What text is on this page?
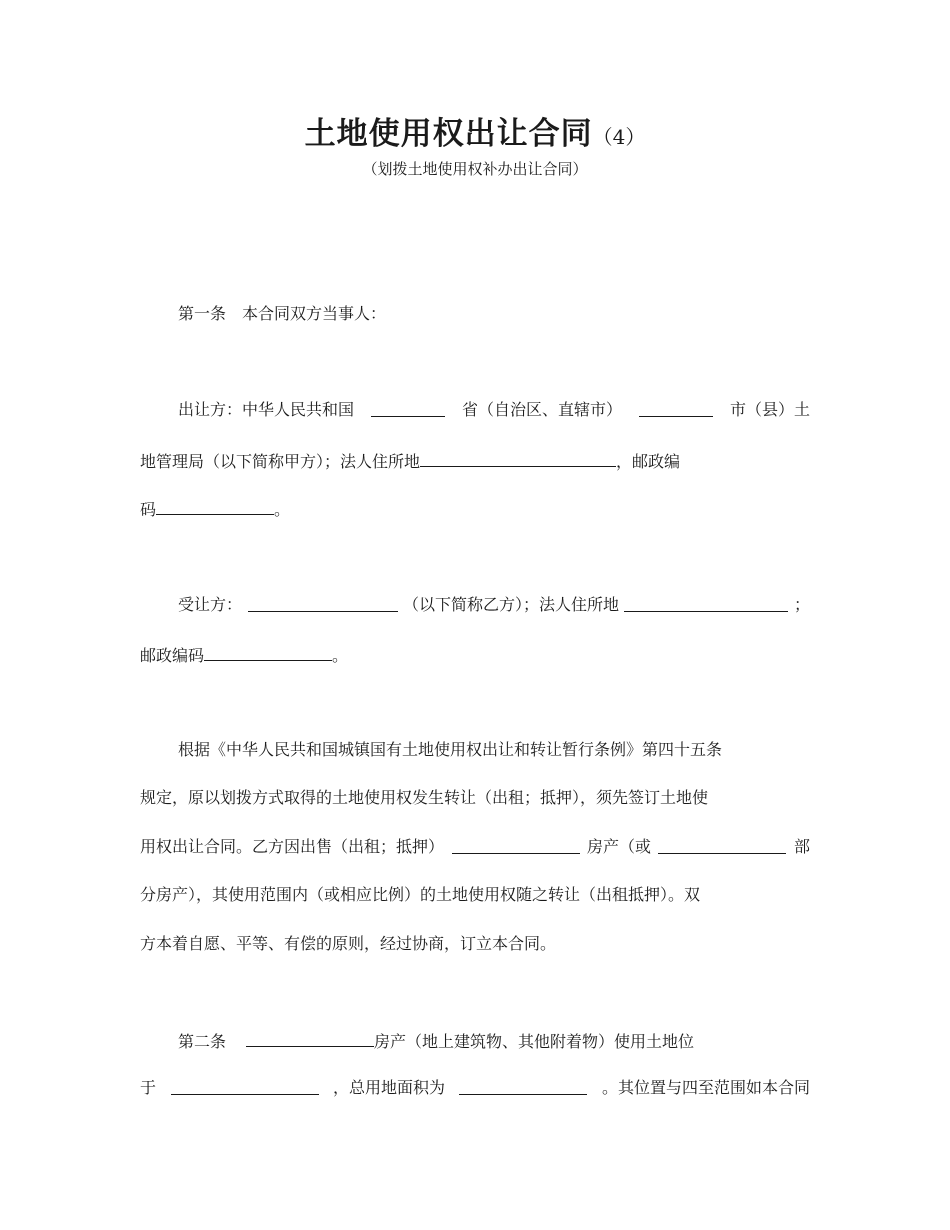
土地使用权出让合同（4）
（划拨土地使用权补办出让合同）
第一条　本合同双方当事人：
出让方：中华人民共和国	省（自治区、直辖市）	市（县）土
地管理局（以下简称甲方）；法人住所地	，邮政编
码	。
受让方：	（以下简称乙方）；法人住所地	；
邮政编码	。
根据《中华人民共和国城镇国有土地使用权出让和转让暂行条例》第四十五条
规定，原以划拨方式取得的土地使用权发生转让（出租；抵押），须先签订土地使
用权出让合同。乙方因出售（出租；抵押）	房产（或	部
分房产），其使用范围内（或相应比例）的土地使用权随之转让（出租抵押）。双
方本着自愿、平等、有偿的原则，经过协商，订立本合同。
第二条	房产（地上建筑物、其他附着物）使用土地位
于	，总用地面积为	。其位置与四至范围如本合同
